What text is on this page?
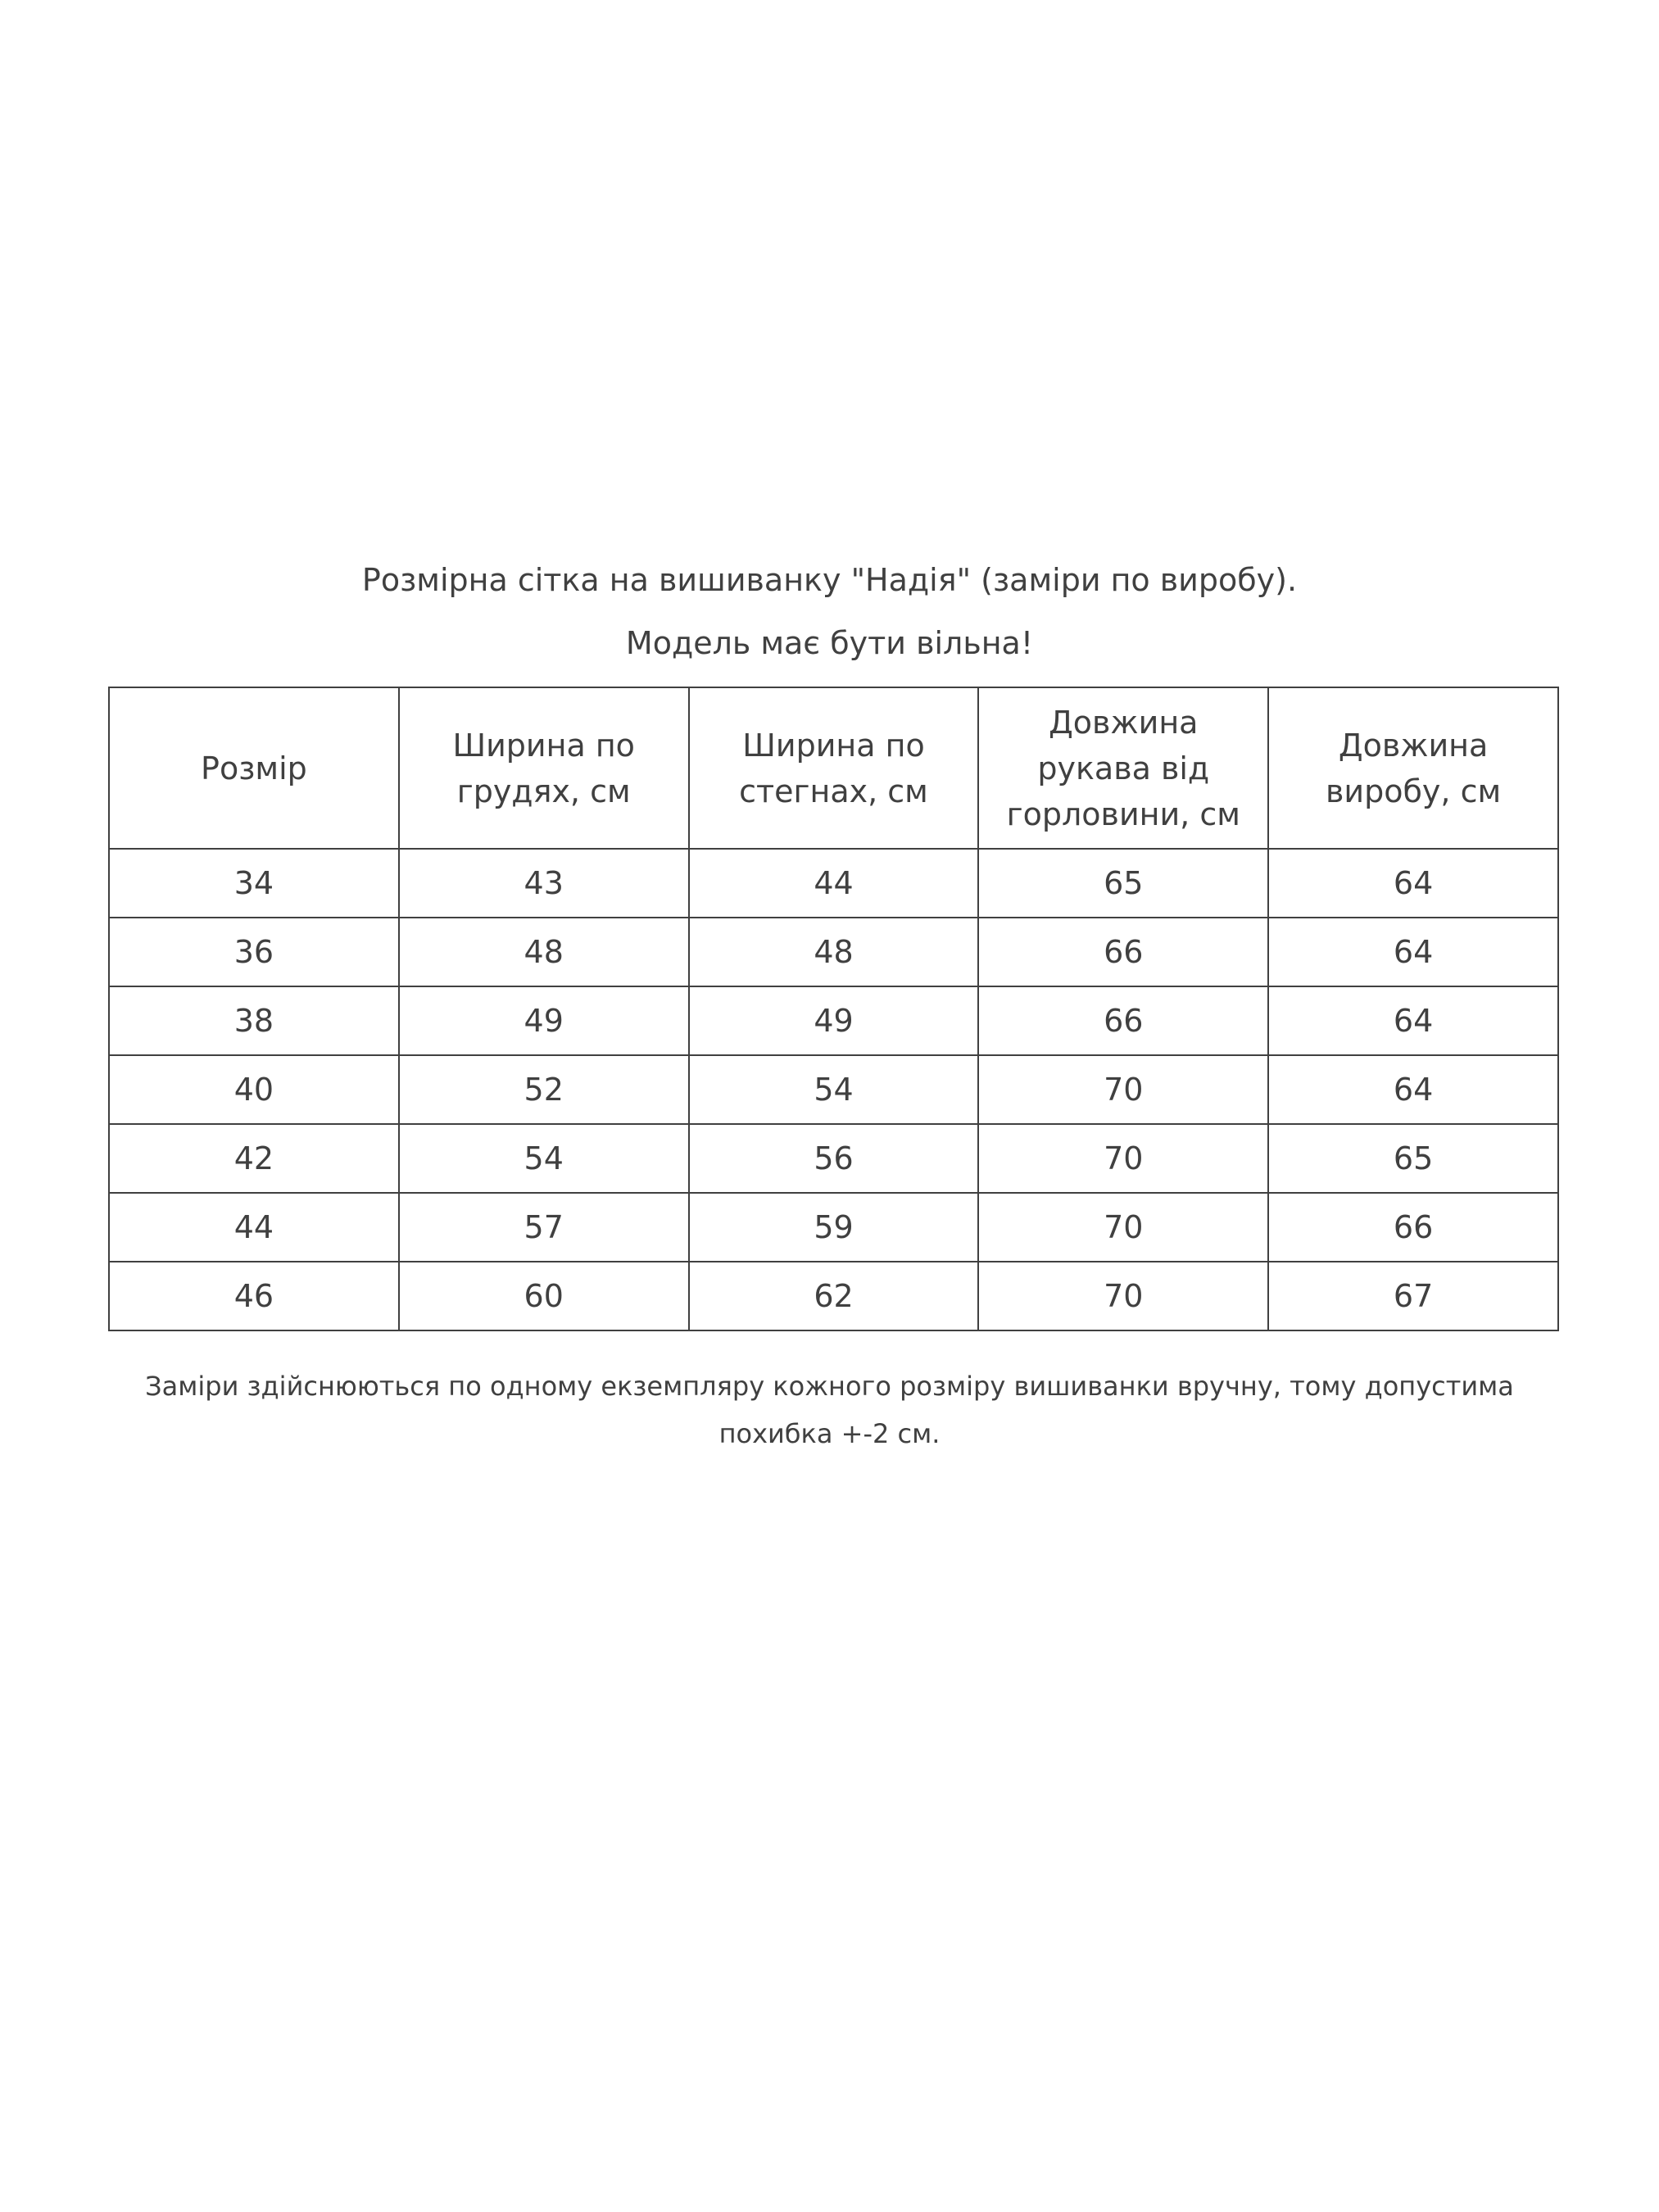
Розмірна сітка на вишиванку "Надія" (заміри по виробу).
Модель має бути вільна!
Розмір	Ширина по грудях, см	Ширина по стегнах, см	Довжина рукава від горловини, см	Довжина виробу, см
34	43	44	65	64
36	48	48	66	64
38	49	49	66	64
40	52	54	70	64
42	54	56	70	65
44	57	59	70	66
46	60	62	70	67
Заміри здійснюються по одному екземпляру кожного розміру вишиванки вручну, тому допустима похибка +-2 см.
